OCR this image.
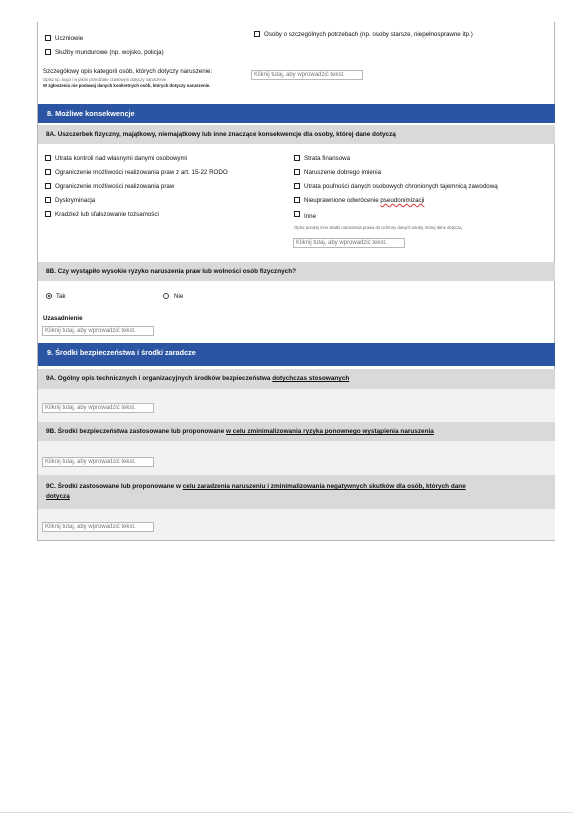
Uczniowie	Osoby o szczególnych potrzebach (np. osoby starsze, niepełnosprawne itp.)
Służby mundurowe (np. wojsko, policja)
Szczegółowy opis kategorii osób, których dotyczy naruszenie:
Opisz np. kogo i w jakim przedziale czasowym dotyczy naruszenie
W zgłoszeniu nie podawaj danych konkretnych osób, których dotyczy naruszenie.
Kliknij tutaj, aby wprowadzić tekst.
8. Możliwe konsekwencje
8A. Uszczerbek fizyczny, majątkowy, niemajątkowy lub inne znaczące konsekwencje dla osoby, której dane dotyczą
Utrata kontroli nad własnymi danymi osobowymi
Ograniczenie możliwości realizowania praw z art. 15-22 RODO
Ograniczenie możliwości realizowania praw
Dyskryminacja
Kradzież lub sfałszowanie tożsamości
Strata finansowa
Naruszenie dobrego imienia
Utrata poufności danych osobowych chronionych tajemnicą zawodową
Nieuprawnione odwrócenie pseudonimizacji
Inne
Opisz poniżej inne skutki naruszenia prawa do ochrony danych osoby, której dane dotyczą
Kliknij tutaj, aby wprowadzić tekst.
8B. Czy wystąpiło wysokie ryzyko naruszenia praw lub wolności osób fizycznych?
Tak	Nie
Uzasadnienie
Kliknij tutaj, aby wprowadzić tekst.
9. Środki bezpieczeństwa i środki zaradcze
9A. Ogólny opis technicznych i organizacyjnych środków bezpieczeństwa dotychczas stosowanych
Kliknij tutaj, aby wprowadzić tekst.
9B. Środki bezpieczeństwa zastosowane lub proponowane w celu zminimalizowania ryzyka ponownego wystąpienia naruszenia
Kliknij tutaj, aby wprowadzić tekst.
9C. Środki zastosowane lub proponowane w celu zaradzenia naruszeniu i zminimalizowania negatywnych skutków dla osób, których dane
dotyczą
Kliknij tutaj, aby wprowadzić tekst.
